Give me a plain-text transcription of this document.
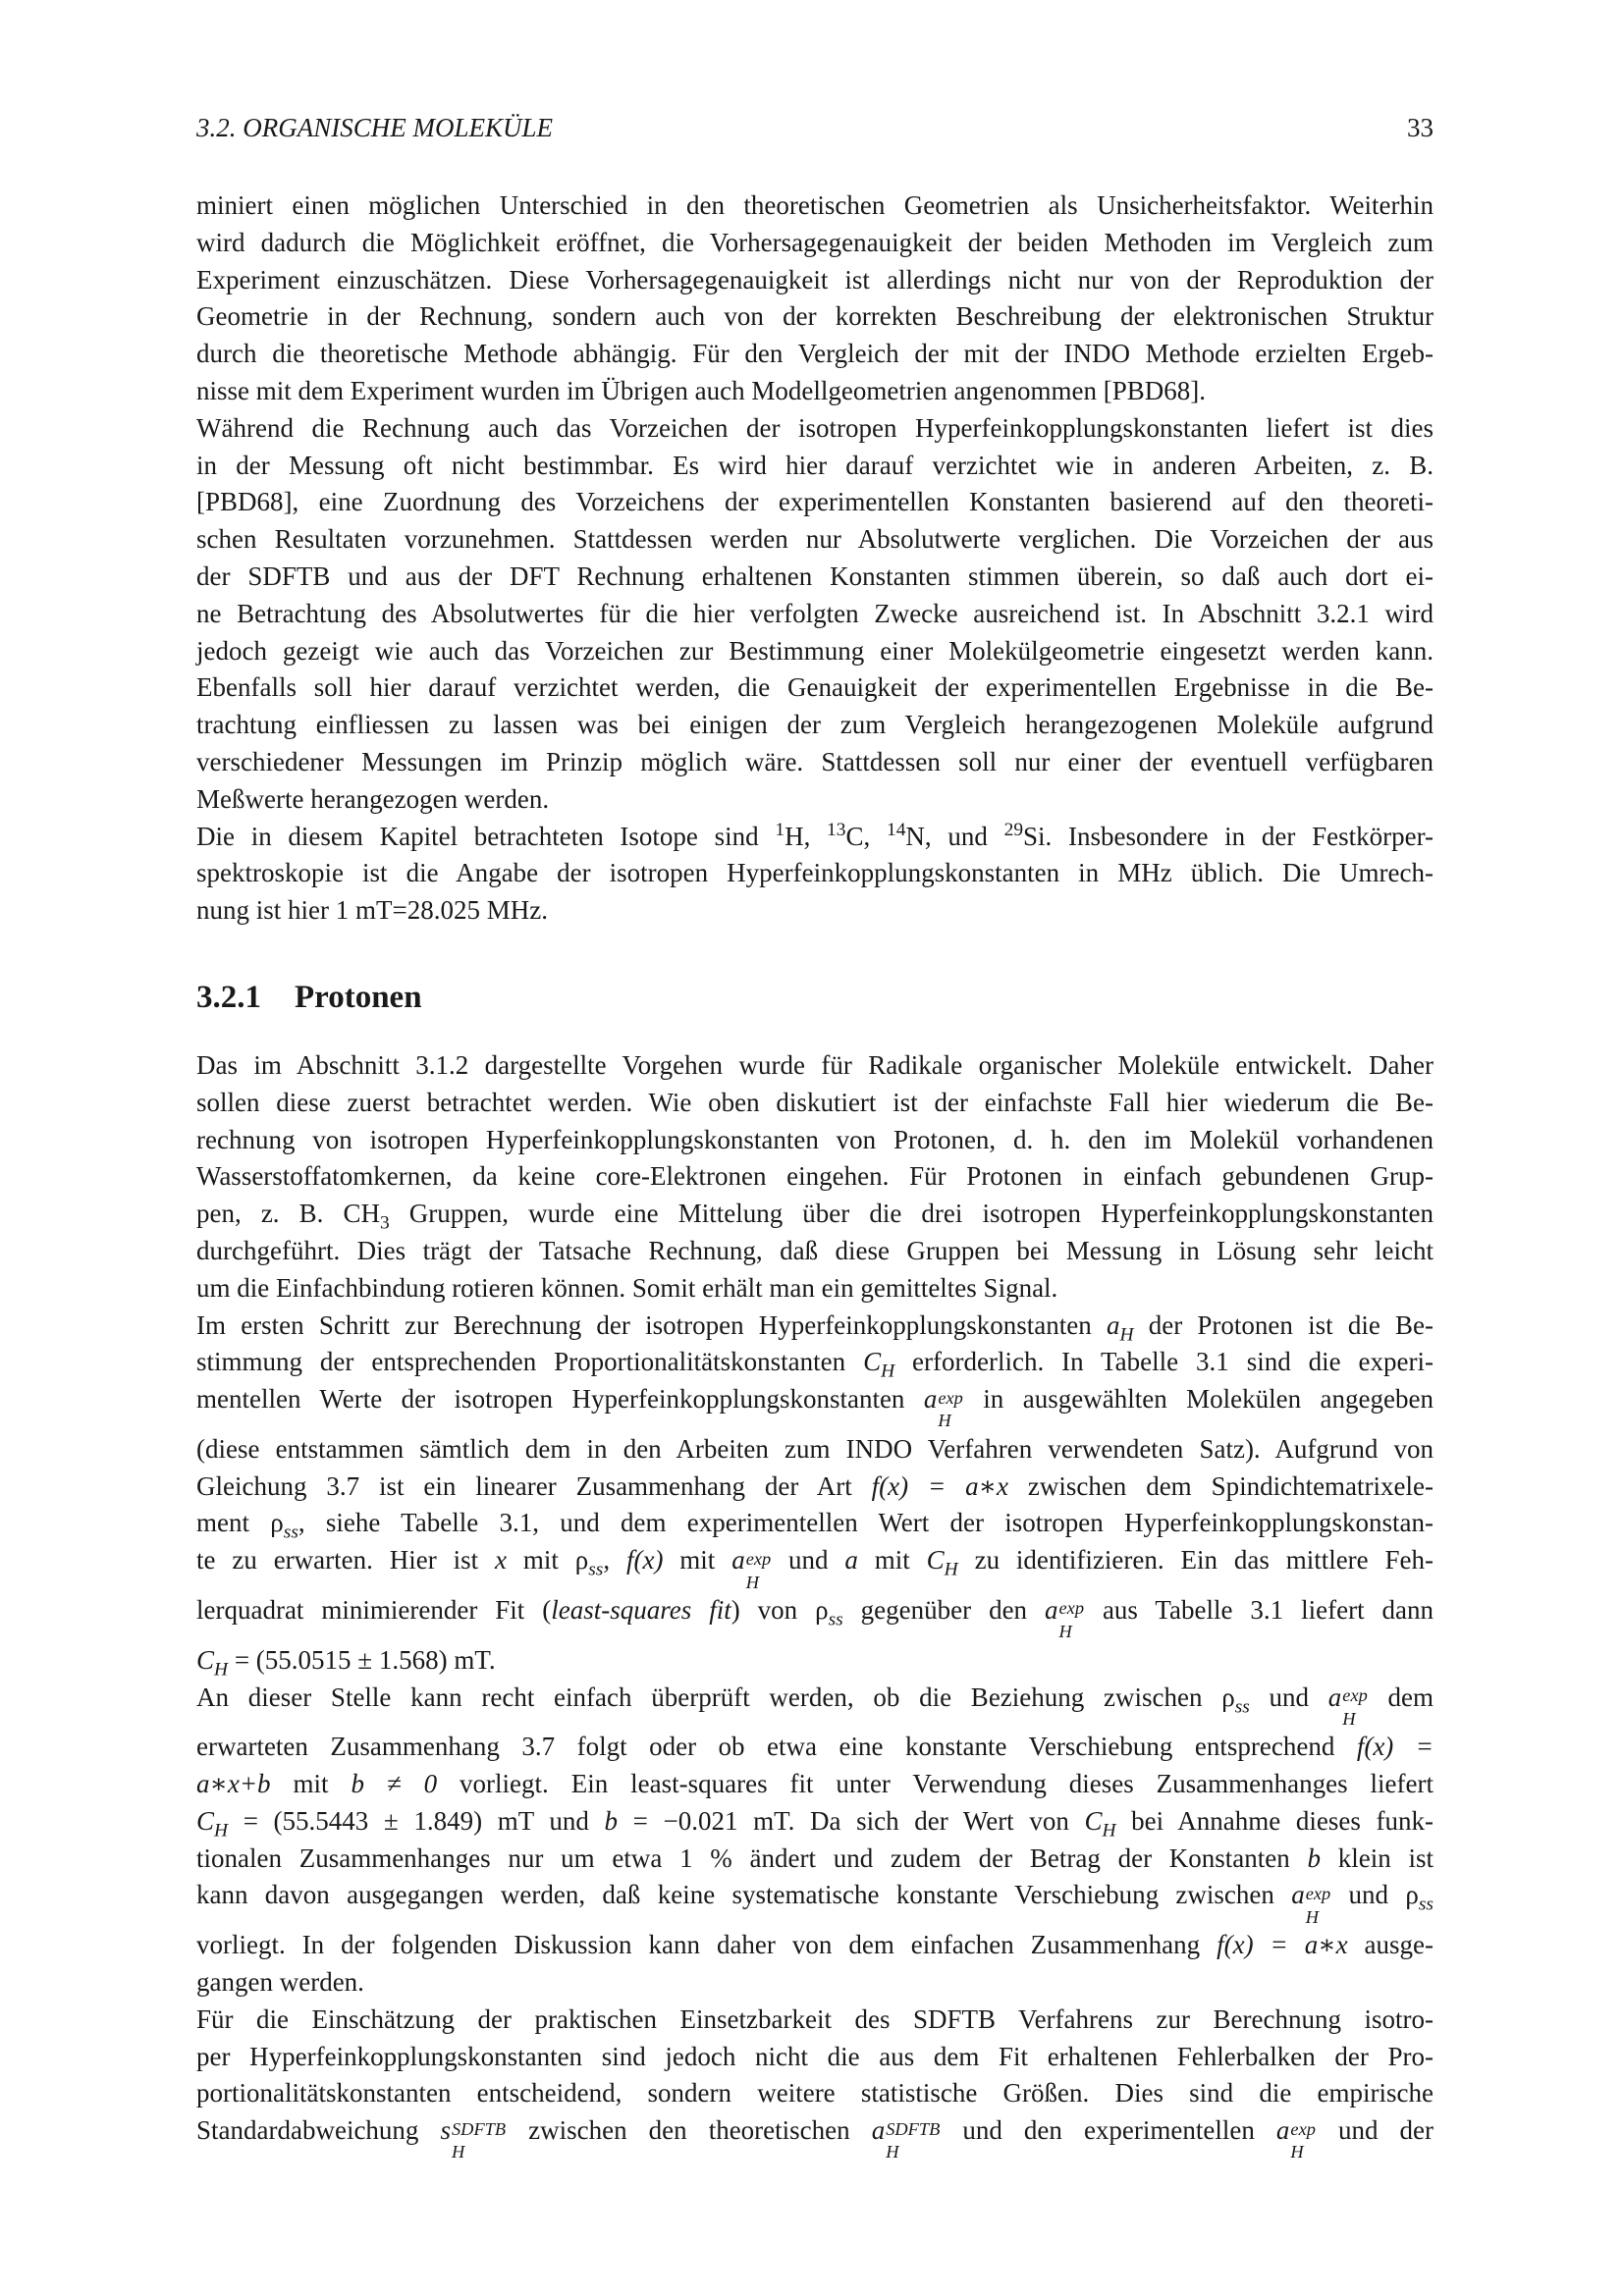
3.2. ORGANISCHE MOLEKÜLE	33

miniert einen möglichen Unterschied in den theoretischen Geometrien als Unsicherheitsfaktor. Weiterhin

wird dadurch die Möglichkeit eröffnet, die Vorhersagegenauigkeit der beiden Methoden im Vergleich zum

Experiment einzuschätzen. Diese Vorhersagegenauigkeit ist allerdings nicht nur von der Reproduktion der

Geometrie in der Rechnung, sondern auch von der korrekten Beschreibung der elektronischen Struktur

durch die theoretische Methode abhängig. Für den Vergleich der mit der INDO Methode erzielten Ergeb-

nisse mit dem Experiment wurden im Übrigen auch Modellgeometrien angenommen [PBD68].

Während die Rechnung auch das Vorzeichen der isotropen Hyperfeinkopplungskonstanten liefert ist dies

in der Messung oft nicht bestimmbar. Es wird hier darauf verzichtet wie in anderen Arbeiten, z. B.

[PBD68], eine Zuordnung des Vorzeichens der experimentellen Konstanten basierend auf den theoreti-

schen Resultaten vorzunehmen. Stattdessen werden nur Absolutwerte verglichen. Die Vorzeichen der aus

der SDFTB und aus der DFT Rechnung erhaltenen Konstanten stimmen überein, so daß auch dort ei-

ne Betrachtung des Absolutwertes für die hier verfolgten Zwecke ausreichend ist. In Abschnitt 3.2.1 wird

jedoch gezeigt wie auch das Vorzeichen zur Bestimmung einer Molekülgeometrie eingesetzt werden kann.

Ebenfalls soll hier darauf verzichtet werden, die Genauigkeit der experimentellen Ergebnisse in die Be-

trachtung einfliessen zu lassen was bei einigen der zum Vergleich herangezogenen Moleküle aufgrund

verschiedener Messungen im Prinzip möglich wäre. Stattdessen soll nur einer der eventuell verfügbaren

Meßwerte herangezogen werden.

Die in diesem Kapitel betrachteten Isotope sind $^1$H, $^{13}$C, $^{14}$N, und $^{29}$Si. Insbesondere in der Festkörper-

spektroskopie ist die Angabe der isotropen Hyperfeinkopplungskonstanten in MHz üblich. Die Umrech-

nung ist hier 1 mT=28.025 MHz.

3.2.1 Protonen

Das im Abschnitt 3.1.2 dargestellte Vorgehen wurde für Radikale organischer Moleküle entwickelt. Daher

sollen diese zuerst betrachtet werden. Wie oben diskutiert ist der einfachste Fall hier wiederum die Be-

rechnung von isotropen Hyperfeinkopplungskonstanten von Protonen, d. h. den im Molekül vorhandenen

Wasserstoffatomkernen, da keine core-Elektronen eingehen. Für Protonen in einfach gebundenen Grup-

pen, z. B. $CH_3$ Gruppen, wurde eine Mittelung über die drei isotropen Hyperfeinkopplungskonstanten

durchgeführt. Dies trägt der Tatsache Rechnung, daß diese Gruppen bei Messung in Lösung sehr leicht

um die Einfachbindung rotieren können. Somit erhält man ein gemitteltes Signal.

Im ersten Schritt zur Berechnung der isotropen Hyperfeinkopplungskonstanten $a_H$ der Protonen ist die Be-

stimmung der entsprechenden Proportionalitätskonstanten $C_H$ erforderlich. In Tabelle 3.1 sind die experi-

mentellen Werte der isotropen Hyperfeinkopplungskonstanten a exp
H
in ausgewählten Molekülen angegeben

(diese entstammen sämtlich dem in den Arbeiten zum INDO Verfahren verwendeten Satz). Aufgrund von

Gleichung 3.7 ist ein linearer Zusammenhang der Art f(x) = a∗x zwischen dem Spindichtematrixele-

ment $\rho_{ss}$, siehe Tabelle 3.1, und dem experimentellen Wert der isotropen Hyperfeinkopplungskonstan-

te zu erwarten. Hier ist x mit $\rho_{ss}$, f(x) mit a exp
H
und a mit $C_H$ zu identifizieren. Ein das mittlere Feh-

lerquadrat minimierender Fit (least-squares fit) von $\rho_{ss}$ gegenüber den a exp
H
aus Tabelle 3.1 liefert dann

$C_H = (55.0515 \pm 1.568)$ mT.

An dieser Stelle kann recht einfach überprüft werden, ob die Beziehung zwischen $\rho_{ss}$ und a exp
H
dem

erwarteten Zusammenhang 3.7 folgt oder ob etwa eine konstante Verschiebung entsprechend f(x) =

a∗x+b mit b ≠ 0 vorliegt. Ein least-squares fit unter Verwendung dieses Zusammenhanges liefert

$C_H = (55.5443 \pm 1.849)$ mT und b = −0.021 mT. Da sich der Wert von $C_H$ bei Annahme dieses funk-

tionalen Zusammenhanges nur um etwa 1 % ändert und zudem der Betrag der Konstanten b klein ist

kann davon ausgegangen werden, daß keine systematische konstante Verschiebung zwischen a exp
H
und $\rho_{ss}$

vorliegt. In der folgenden Diskussion kann daher von dem einfachen Zusammenhang f(x) = a∗x ausge-

gangen werden.

Für die Einschätzung der praktischen Einsetzbarkeit des SDFTB Verfahrens zur Berechnung isotro-

per Hyperfeinkopplungskonstanten sind jedoch nicht die aus dem Fit erhaltenen Fehlerbalken der Pro-

portionalitätskonstanten entscheidend, sondern weitere statistische Größen. Dies sind die empirische

Standardabweichung s SDFTB
H
zwischen den theoretischen a SDFTB
H
und den experimentellen a exp
H
und der
